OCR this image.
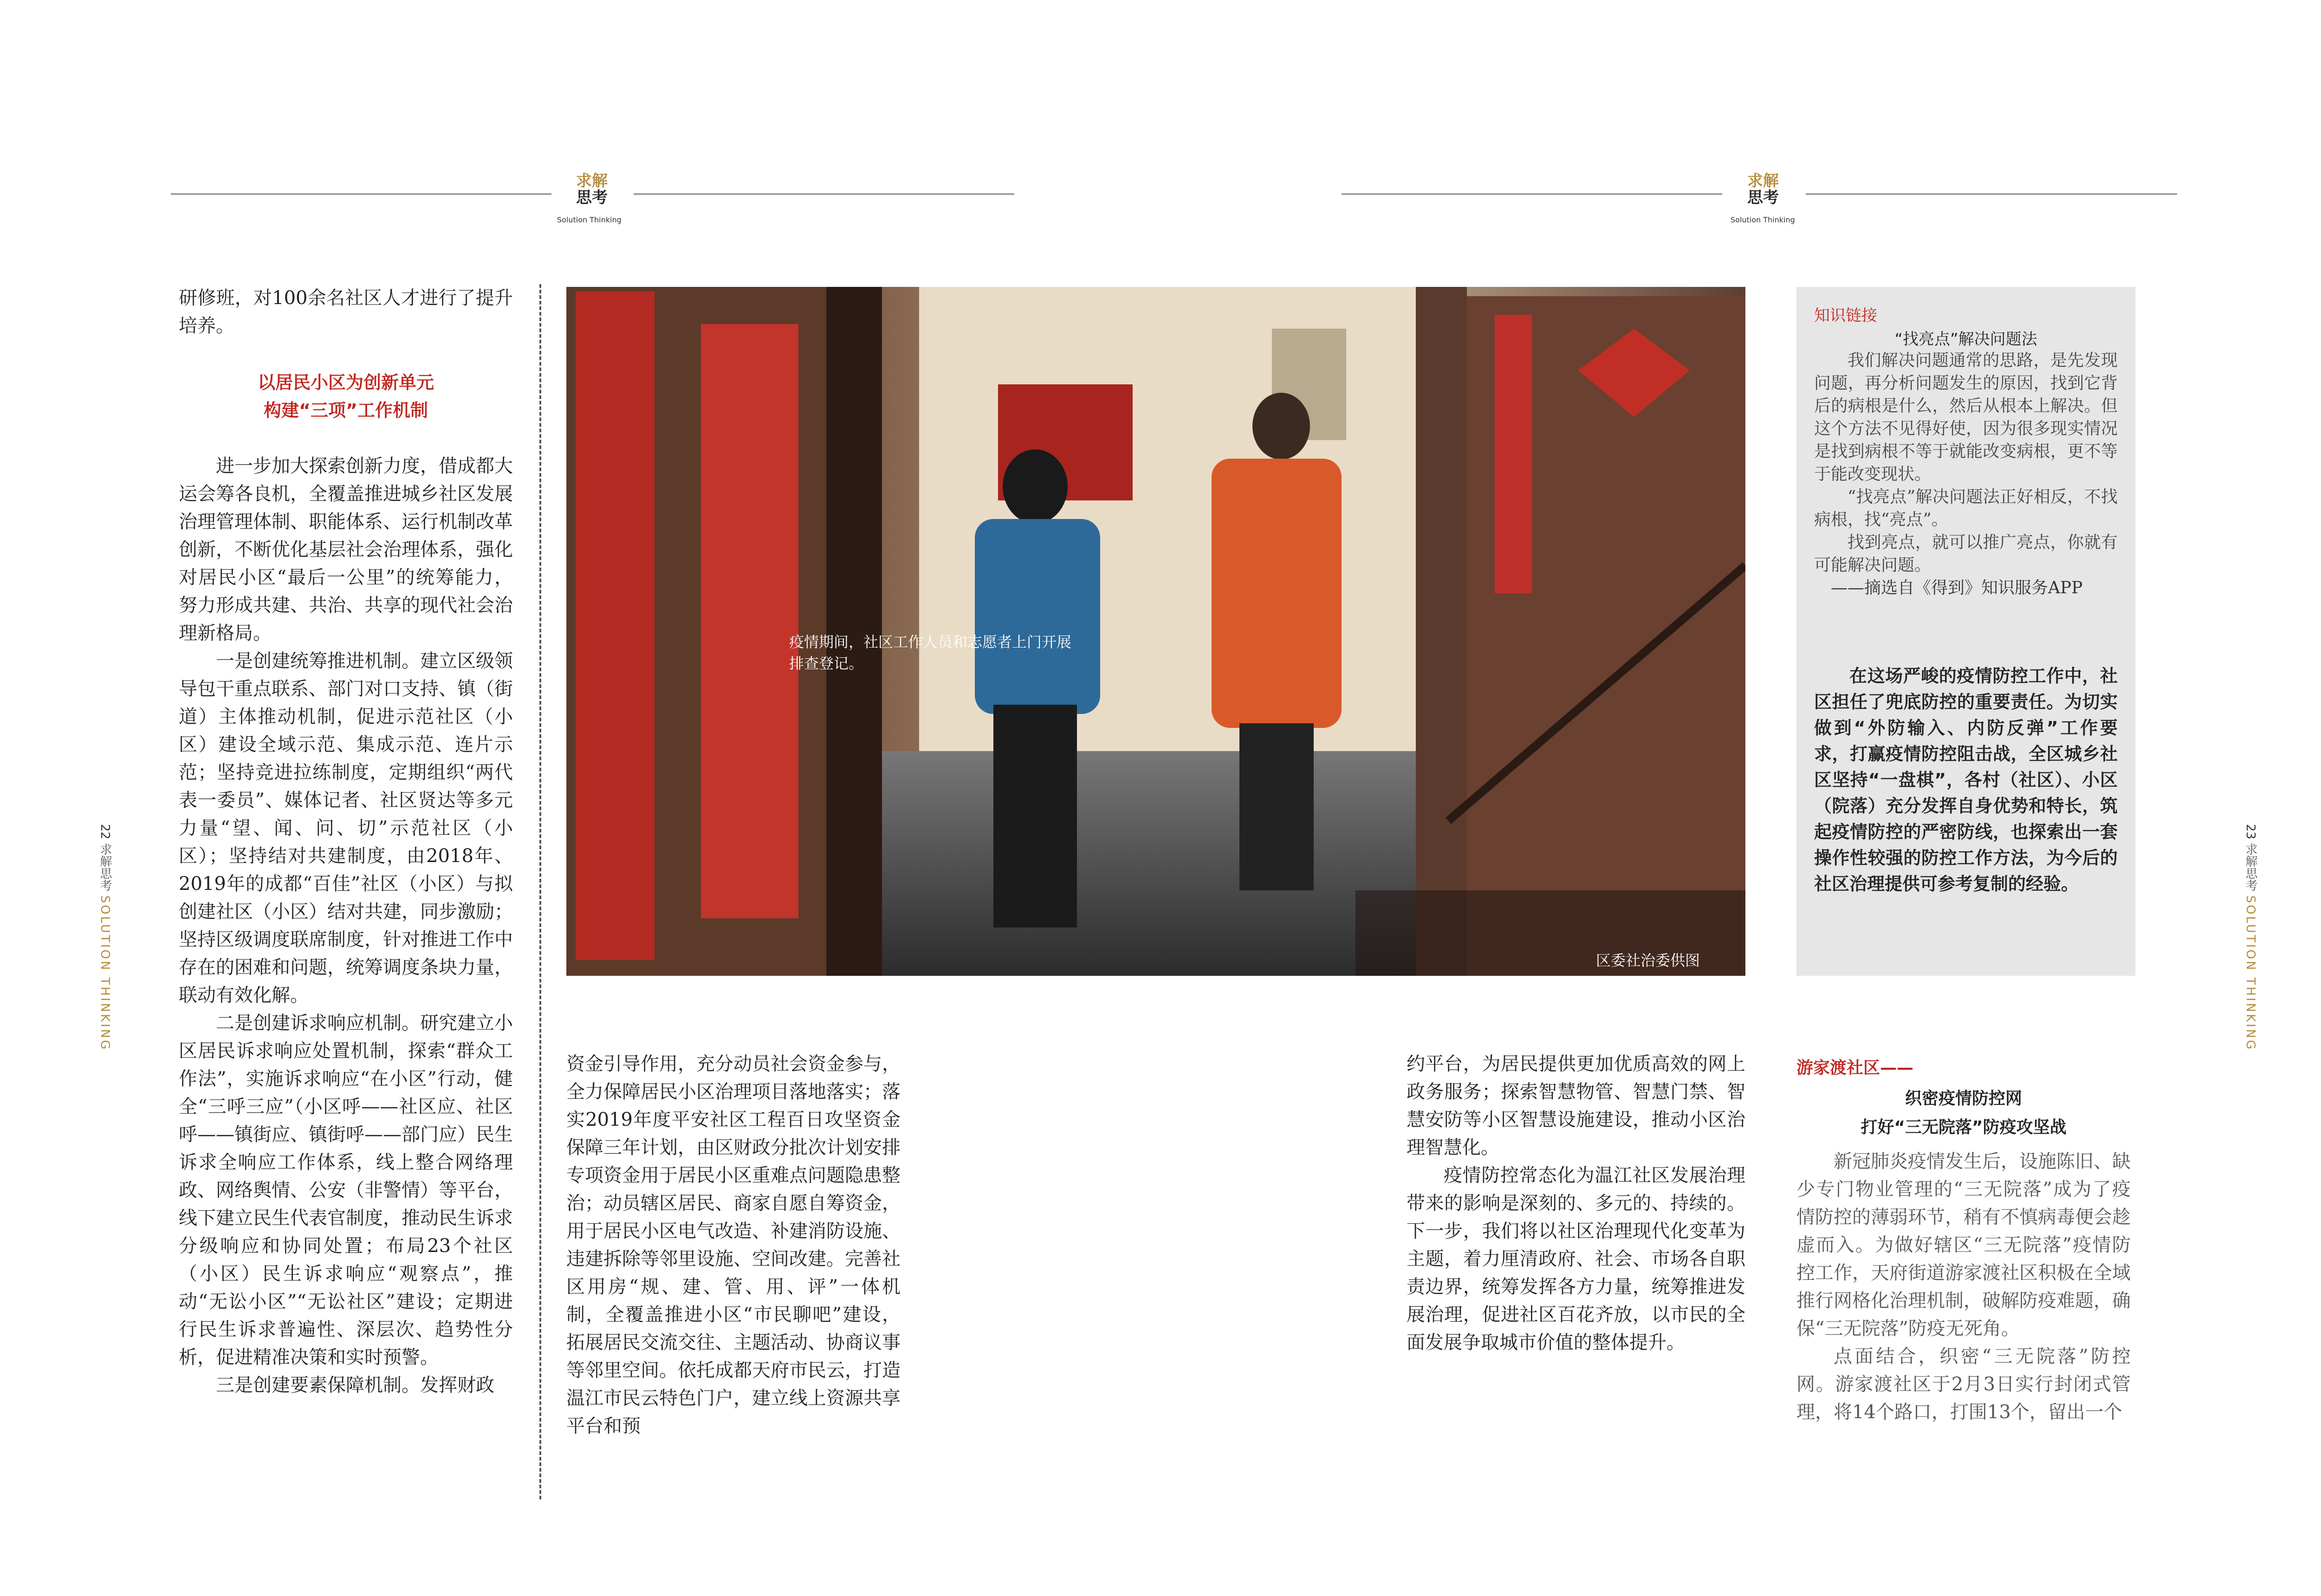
求解
思考
Solution Thinking
求解
思考
Solution Thinking
22 求解思考 SOLUTION THINKING
23 求解思考 SOLUTION THINKING

研修班，对100余名社区人才进行了提升培养。

以居民小区为创新单元
构建“三项”工作机制

进一步加大探索创新力度，借成都大运会筹各良机，全覆盖推进城乡社区发展治理管理体制、职能体系、运行机制改革创新，不断优化基层社会治理体系，强化对居民小区“最后一公里”的统筹能力，努力形成共建、共治、共享的现代社会治理新格局。

一是创建统筹推进机制。建立区级领导包干重点联系、部门对口支持、镇（街道）主体推动机制，促进示范社区（小区）建设全域示范、集成示范、连片示范；坚持竞进拉练制度，定期组织“两代表一委员”、媒体记者、社区贤达等多元力量“望、闻、问、切”示范社区（小区）；坚持结对共建制度，由2018年、2019年的成都“百佳”社区（小区）与拟创建社区（小区）结对共建，同步激励；坚持区级调度联席制度，针对推进工作中存在的困难和问题，统筹调度条块力量，联动有效化解。

二是创建诉求响应机制。研究建立小区居民诉求响应处置机制，探索“群众工作法”，实施诉求响应“在小区”行动，健全“三呼三应”（小区呼——社区应、社区呼——镇街应、镇街呼——部门应）民生诉求全响应工作体系，线上整合网络理政、网络舆情、公安（非警情）等平台，线下建立民生代表官制度，推动民生诉求分级响应和协同处置；布局23个社区（小区）民生诉求响应“观察点”，推动“无讼小区”“无讼社区”建设；定期进行民生诉求普遍性、深层次、趋势性分析，促进精准决策和实时预警。

三是创建要素保障机制。发挥财政

疫情期间，社区工作人员和志愿者上门开展排查登记。
区委社治委供图

资金引导作用，充分动员社会资金参与，全力保障居民小区治理项目落地落实；落实2019年度平安社区工程百日攻坚资金保障三年计划，由区财政分批次计划安排专项资金用于居民小区重难点问题隐患整治；动员辖区居民、商家自愿自筹资金，用于居民小区电气改造、补建消防设施、违建拆除等邻里设施、空间改建。完善社区用房“规、建、管、用、评”一体机制，全覆盖推进小区“市民聊吧”建设，拓展居民交流交往、主题活动、协商议事等邻里空间。依托成都天府市民云，打造温江市民云特色门户，建立线上资源共享平台和预

约平台，为居民提供更加优质高效的网上政务服务；探索智慧物管、智慧门禁、智慧安防等小区智慧设施建设，推动小区治理智慧化。

疫情防控常态化为温江社区发展治理带来的影响是深刻的、多元的、持续的。下一步，我们将以社区治理现代化变革为主题，着力厘清政府、社会、市场各自职责边界，统筹发挥各方力量，统筹推进发展治理，促进社区百花齐放，以市民的全面发展争取城市价值的整体提升。

知识链接
“找亮点”解决问题法

我们解决问题通常的思路，是先发现问题，再分析问题发生的原因，找到它背后的病根是什么，然后从根本上解决。但这个方法不见得好使，因为很多现实情况是找到病根不等于就能改变病根，更不等于能改变现状。

“找亮点”解决问题法正好相反，不找病根，找“亮点”。

找到亮点，就可以推广亮点，你就有可能解决问题。

——摘选自《得到》知识服务APP

在这场严峻的疫情防控工作中，社区担任了兜底防控的重要责任。为切实做到“外防输入、内防反弹”工作要求，打赢疫情防控阻击战，全区城乡社区坚持“一盘棋”，各村（社区）、小区（院落）充分发挥自身优势和特长，筑起疫情防控的严密防线，也探索出一套操作性较强的防控工作方法，为今后的社区治理提供可参考复制的经验。
游家渡社区——
织密疫情防控网
打好“三无院落”防疫攻坚战

新冠肺炎疫情发生后，设施陈旧、缺少专门物业管理的“三无院落”成为了疫情防控的薄弱环节，稍有不慎病毒便会趁虚而入。为做好辖区“三无院落”疫情防控工作，天府街道游家渡社区积极在全域推行网格化治理机制，破解防疫难题，确保“三无院落”防疫无死角。

点面结合，织密“三无院落”防控网。游家渡社区于2月3日实行封闭式管理，将14个路口，打围13个，留出一个
